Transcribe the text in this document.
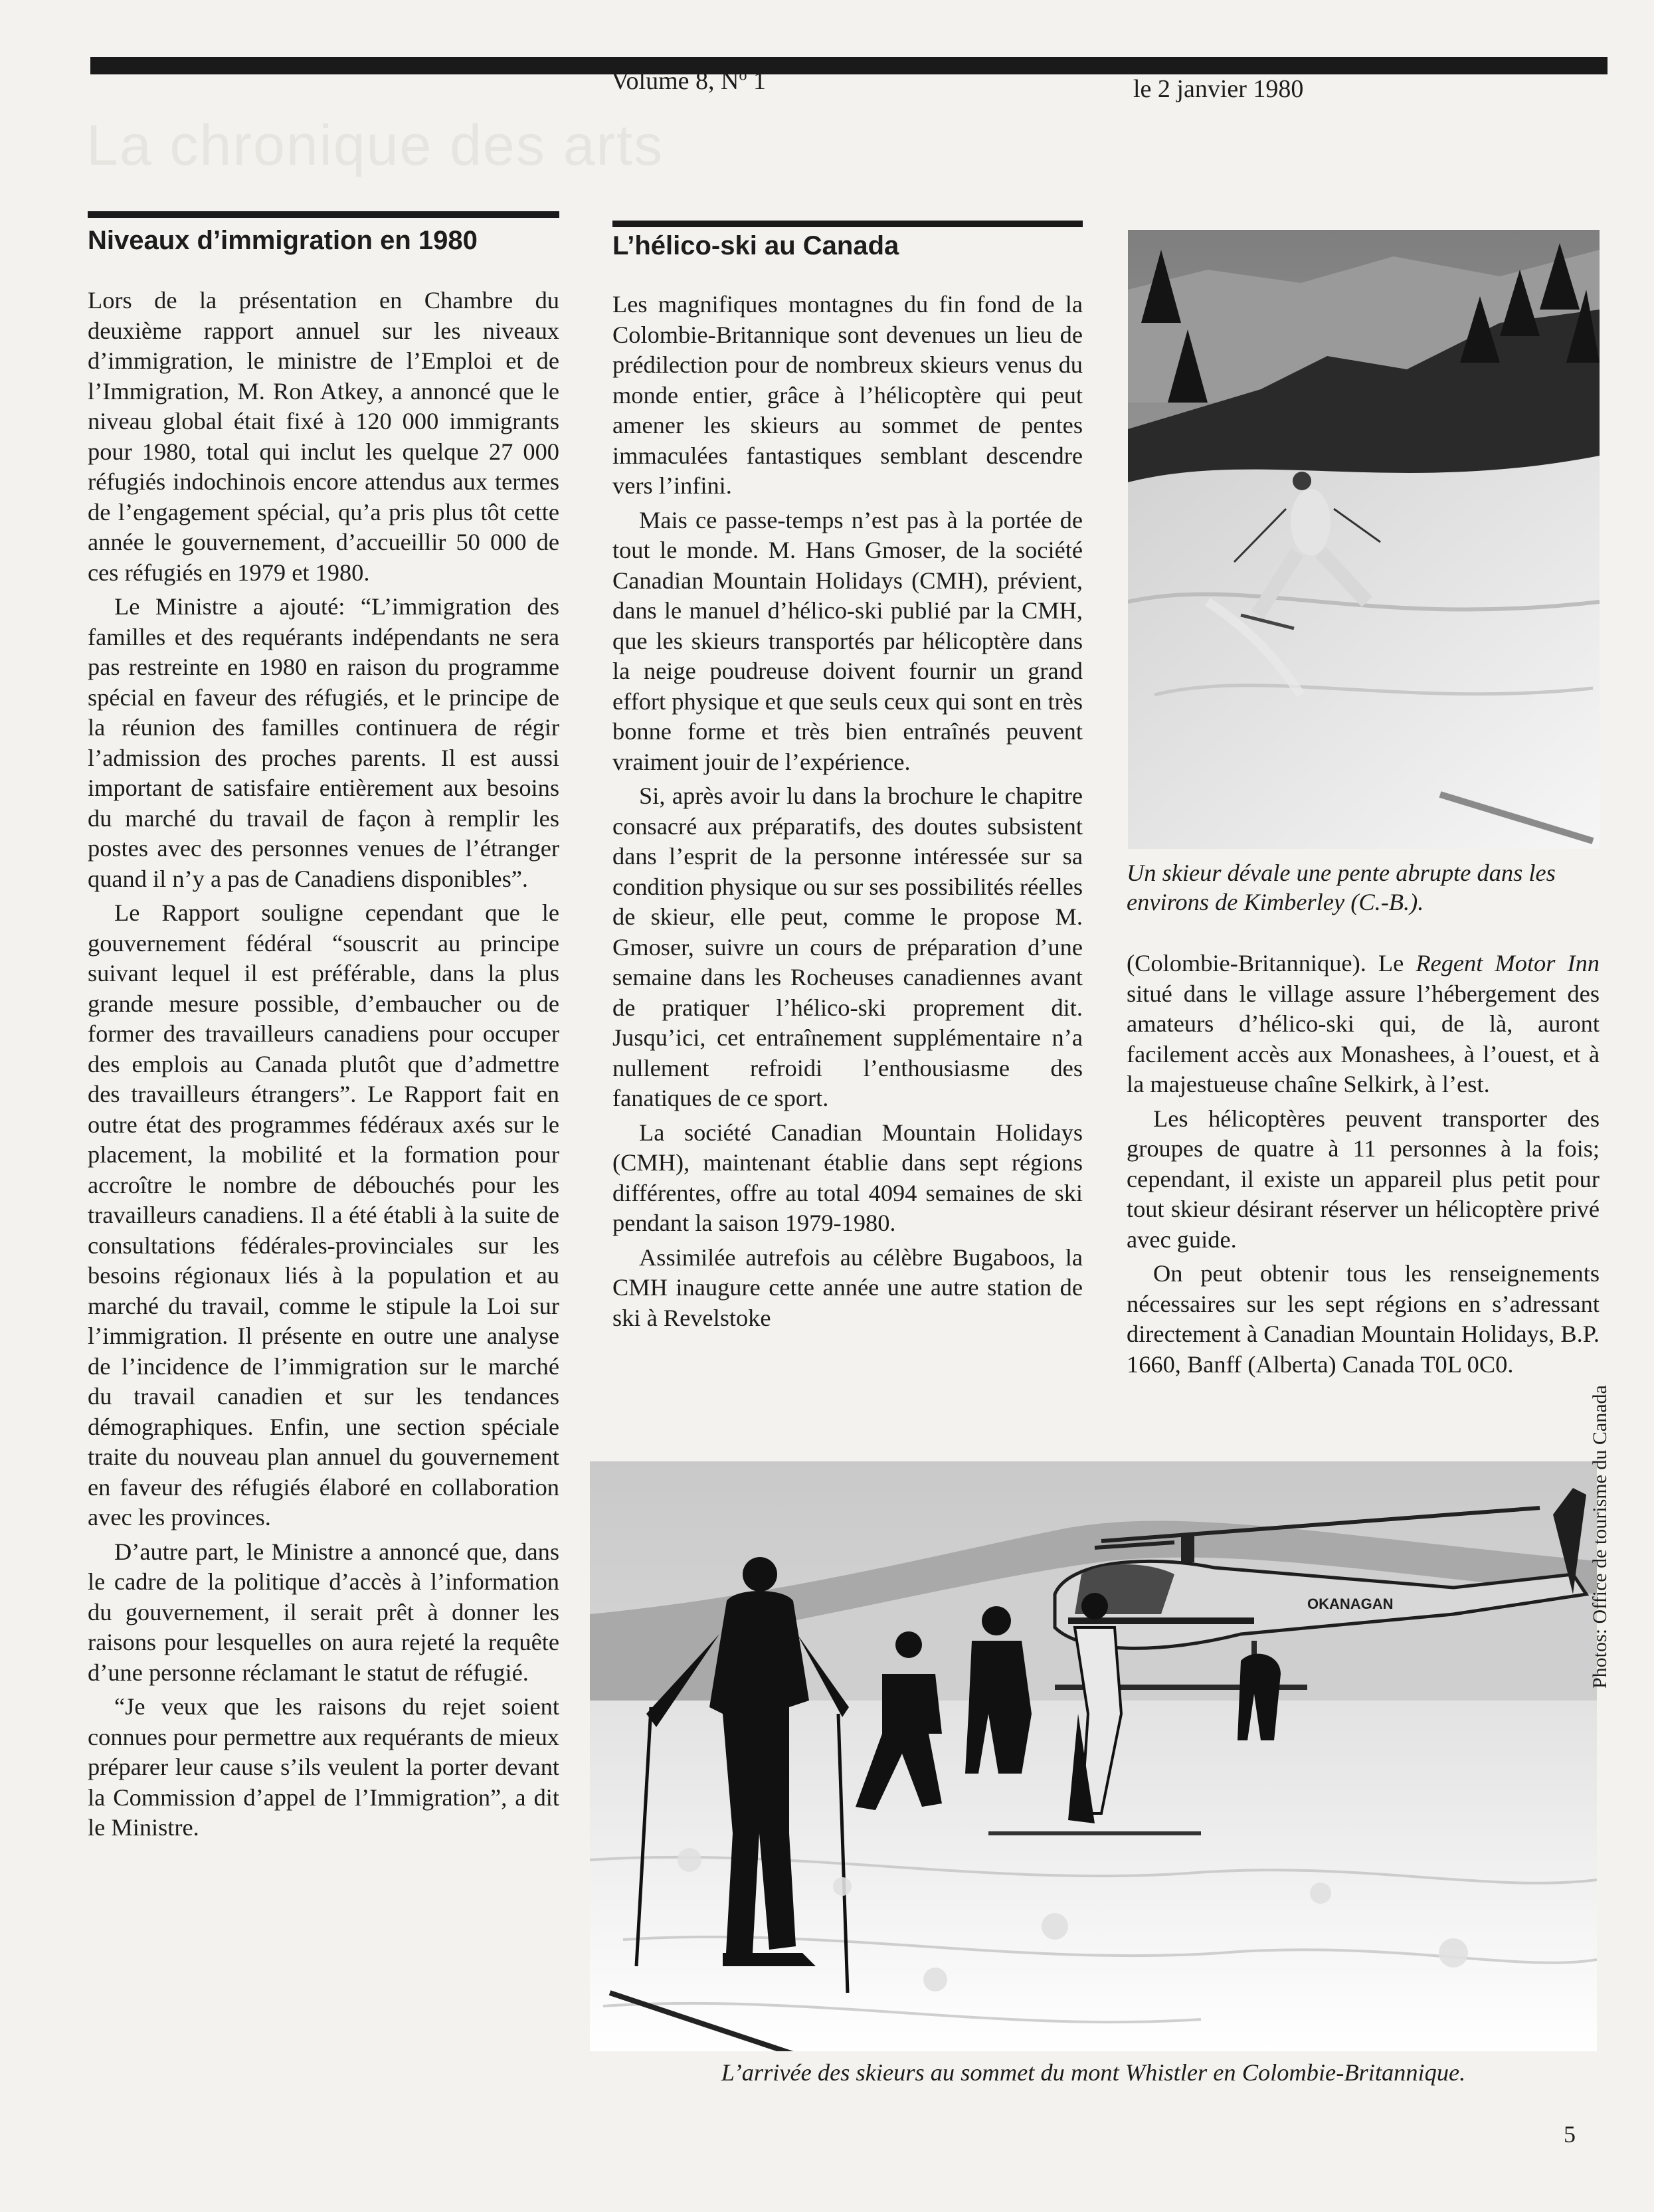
La chronique des arts
Volume 8, $N^o$ 1	le 2 janvier 1980
Niveaux d’immigration en 1980

Lors de la présentation en Chambre du deuxième rapport annuel sur les niveaux d’immigration, le ministre de l’Emploi et de l’Immigration, M. Ron Atkey, a annoncé que le niveau global était fixé à 120 000 immigrants pour 1980, total qui inclut les quelque 27 000 réfugiés indochinois encore attendus aux termes de l’engagement spécial, qu’a pris plus tôt cette année le gouvernement, d’accueillir 50 000 de ces réfugiés en 1979 et 1980.

Le Ministre a ajouté: “L’immigration des familles et des requérants indépendants ne sera pas restreinte en 1980 en raison du programme spécial en faveur des réfugiés, et le principe de la réunion des familles continuera de régir l’admission des proches parents. Il est aussi important de satisfaire entièrement aux besoins du marché du travail de façon à remplir les postes avec des personnes venues de l’étranger quand il n’y a pas de Canadiens disponibles”.

Le Rapport souligne cependant que le gouvernement fédéral “souscrit au principe suivant lequel il est préférable, dans la plus grande mesure possible, d’embaucher ou de former des travailleurs canadiens pour occuper des emplois au Canada plutôt que d’admettre des travailleurs étrangers”. Le Rapport fait en outre état des programmes fédéraux axés sur le placement, la mobilité et la formation pour accroître le nombre de débouchés pour les travailleurs canadiens. Il a été établi à la suite de consultations fédérales-provinciales sur les besoins régionaux liés à la population et au marché du travail, comme le stipule la Loi sur l’immigration. Il présente en outre une analyse de l’incidence de l’immigration sur le marché du travail canadien et sur les tendances démographiques. Enfin, une section spéciale traite du nouveau plan annuel du gouvernement en faveur des réfugiés élaboré en collaboration avec les provinces.

D’autre part, le Ministre a annoncé que, dans le cadre de la politique d’accès à l’information du gouvernement, il serait prêt à donner les raisons pour lesquelles on aura rejeté la requête d’une personne réclamant le statut de réfugié.

“Je veux que les raisons du rejet soient connues pour permettre aux requérants de mieux préparer leur cause s’ils veulent la porter devant la Commission d’appel de l’Immigration”, a dit le Ministre.

L’hélico-ski au Canada

Les magnifiques montagnes du fin fond de la Colombie-Britannique sont devenues un lieu de prédilection pour de nombreux skieurs venus du monde entier, grâce à l’hélicoptère qui peut amener les skieurs au sommet de pentes immaculées fantastiques semblant descendre vers l’infini.

Mais ce passe-temps n’est pas à la portée de tout le monde. M. Hans Gmoser, de la société Canadian Mountain Holidays (CMH), prévient, dans le manuel d’hélico-ski publié par la CMH, que les skieurs transportés par hélicoptère dans la neige poudreuse doivent fournir un grand effort physique et que seuls ceux qui sont en très bonne forme et très bien entraînés peuvent vraiment jouir de l’expérience.

Si, après avoir lu dans la brochure le chapitre consacré aux préparatifs, des doutes subsistent dans l’esprit de la personne intéressée sur sa condition physique ou sur ses possibilités réelles de skieur, elle peut, comme le propose M. Gmoser, suivre un cours de préparation d’une semaine dans les Rocheuses canadiennes avant de pratiquer l’hélico-ski proprement dit. Jusqu’ici, cet entraînement supplémentaire n’a nullement refroidi l’enthousiasme des fanatiques de ce sport.

La société Canadian Mountain Holidays (CMH), maintenant établie dans sept régions différentes, offre au total 4094 semaines de ski pendant la saison 1979-1980.

Assimilée autrefois au célèbre Bugaboos, la CMH inaugure cette année une autre station de ski à Revelstoke

Un skieur dévale une pente abrupte dans les environs de Kimberley (C.-B.).

(Colombie-Britannique). Le Regent Motor Inn situé dans le village assure l’hébergement des amateurs d’hélico-ski qui, de là, auront facilement accès aux Monashees, à l’ouest, et à la majestueuse chaîne Selkirk, à l’est.

Les hélicoptères peuvent transporter des groupes de quatre à 11 personnes à la fois; cependant, il existe un appareil plus petit pour tout skieur désirant réserver un hélicoptère privé avec guide.

On peut obtenir tous les renseignements nécessaires sur les sept régions en s’adressant directement à Canadian Mountain Holidays, B.P. 1660, Banff (Alberta) Canada T0L 0C0.

OKANAGAN
L’arrivée des skieurs au sommet du mont Whistler en Colombie-Britannique.
Photos: Office de tourisme du Canada
5
